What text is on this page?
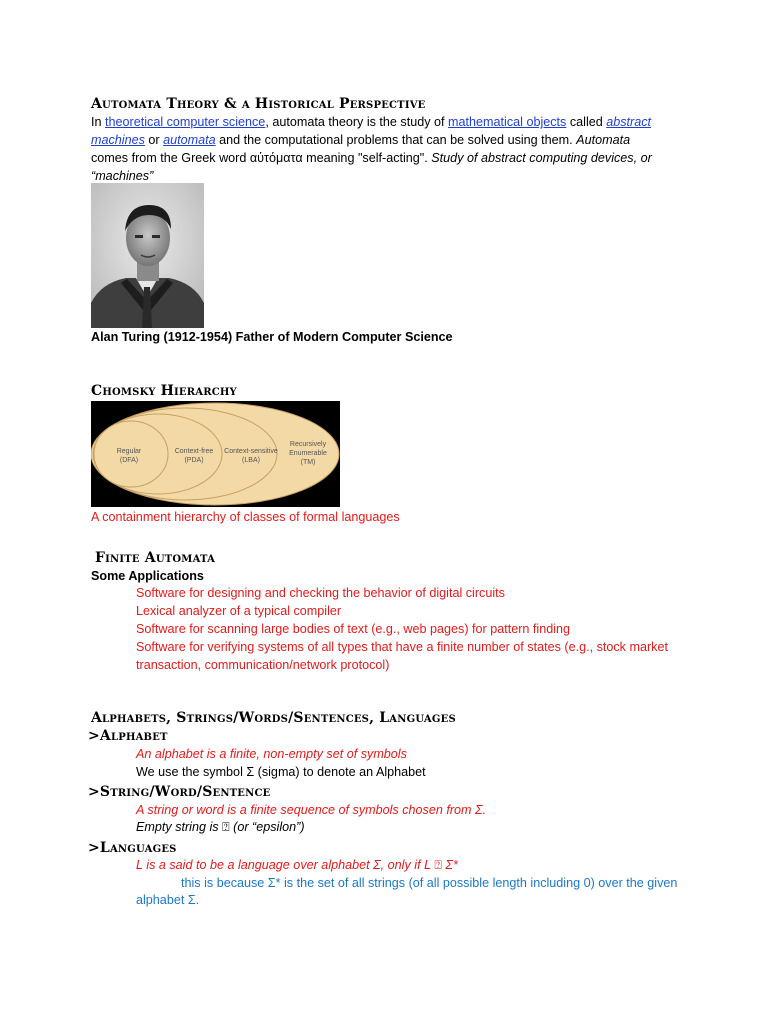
Automata Theory & a Historical Perspective
In theoretical computer science, automata theory is the study of mathematical objects called abstract
machines or automata and the computational problems that can be solved using them. Automata
comes from the Greek word αὐτόματα meaning "self-acting". Study of abstract computing devices, or
“machines”
Alan Turing (1912-1954) Father of Modern Computer Science
Chomsky Hierarchy
Regular
(DFA)
Context-free
(PDA)
Context-sensitive
(LBA)
Recursively
Enumerable
(TM)
A containment hierarchy of classes of formal languages
Finite Automata
Some Applications
Software for designing and checking the behavior of digital circuits
Lexical analyzer of a typical compiler
Software for scanning large bodies of text (e.g., web pages) for pattern finding
Software for verifying systems of all types that have a finite number of states (e.g., stock market
transaction, communication/network protocol)
Alphabets, Strings/Words/Sentences, Languages
>Alphabet
An alphabet is a finite, non-empty set of symbols
We use the symbol Σ (sigma) to denote an Alphabet
>String/Word/Sentence
A string or word is a finite sequence of symbols chosen from Σ.
Empty string is ⍰ (or “epsilon”)
>Languages
L is a said to be a language over alphabet Σ, only if L ⍰ Σ*
this is because Σ* is the set of all strings (of all possible length including 0) over the given
alphabet Σ.
